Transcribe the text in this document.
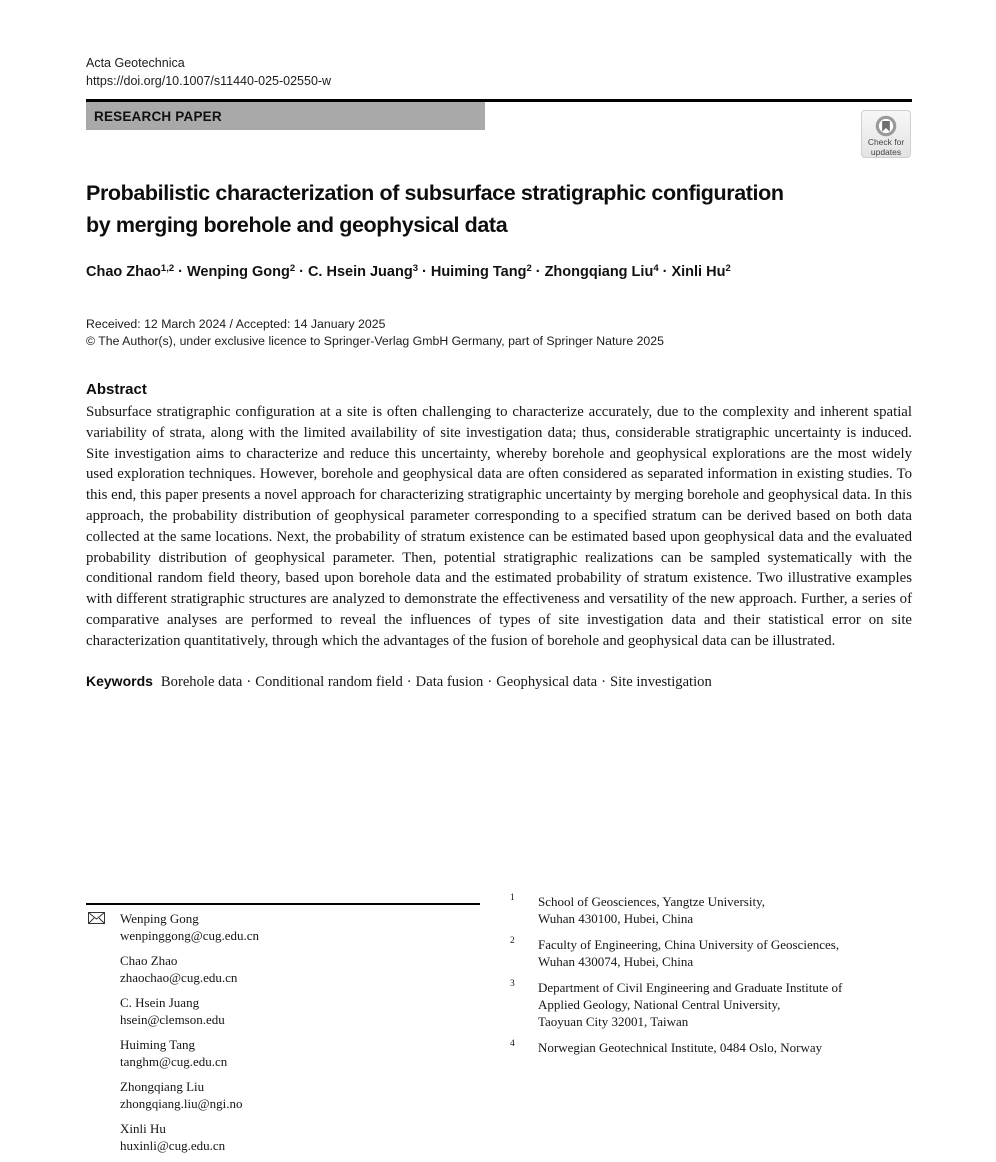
Acta Geotechnica
https://doi.org/10.1007/s11440-025-02550-w
RESEARCH PAPER
Probabilistic characterization of subsurface stratigraphic configuration
by merging borehole and geophysical data
Chao Zhao$^{1,2}$ · Wenping Gong$^2$ · C. Hsein Juang$^3$ · Huiming Tang$^2$ · Zhongqiang Liu$^4$ · Xinli Hu$^2$
Received: 12 March 2024 / Accepted: 14 January 2025
© The Author(s), under exclusive licence to Springer-Verlag GmbH Germany, part of Springer Nature 2025
Abstract
Subsurface stratigraphic configuration at a site is often challenging to characterize accurately, due to the complexity and inherent spatial variability of strata, along with the limited availability of site investigation data; thus, considerable stratigraphic uncertainty is induced. Site investigation aims to characterize and reduce this uncertainty, whereby borehole and geophysical explorations are the most widely used exploration techniques. However, borehole and geophysical data are often considered as separated information in existing studies. To this end, this paper presents a novel approach for characterizing stratigraphic uncertainty by merging borehole and geophysical data. In this approach, the probability distribution of geophysical parameter corresponding to a specified stratum can be derived based on both data collected at the same locations. Next, the probability of stratum existence can be estimated based upon geophysical data and the evaluated probability distribution of geophysical parameter. Then, potential stratigraphic realizations can be sampled systematically with the conditional random field theory, based upon borehole data and the estimated probability of stratum existence. Two illustrative examples with different stratigraphic structures are analyzed to demonstrate the effectiveness and versatility of the new approach. Further, a series of comparative analyses are performed to reveal the influences of types of site investigation data and their statistical error on site characterization quantitatively, through which the advantages of the fusion of borehole and geophysical data can be illustrated.
Keywords Borehole data · Conditional random field · Data fusion · Geophysical data · Site investigation
Check for
updates
Wenping Gong
wenpinggong@cug.edu.cn
Chao Zhao
zhaochao@cug.edu.cn
C. Hsein Juang
hsein@clemson.edu
Huiming Tang
tanghm@cug.edu.cn
Zhongqiang Liu
zhongqiang.liu@ngi.no
Xinli Hu
huxinli@cug.edu.cn
1	School of Geosciences, Yangtze University,
Wuhan 430100, Hubei, China
2	Faculty of Engineering, China University of Geosciences,
Wuhan 430074, Hubei, China
3	Department of Civil Engineering and Graduate Institute of
Applied Geology, National Central University,
Taoyuan City 32001, Taiwan
4	Norwegian Geotechnical Institute, 0484 Oslo, Norway
